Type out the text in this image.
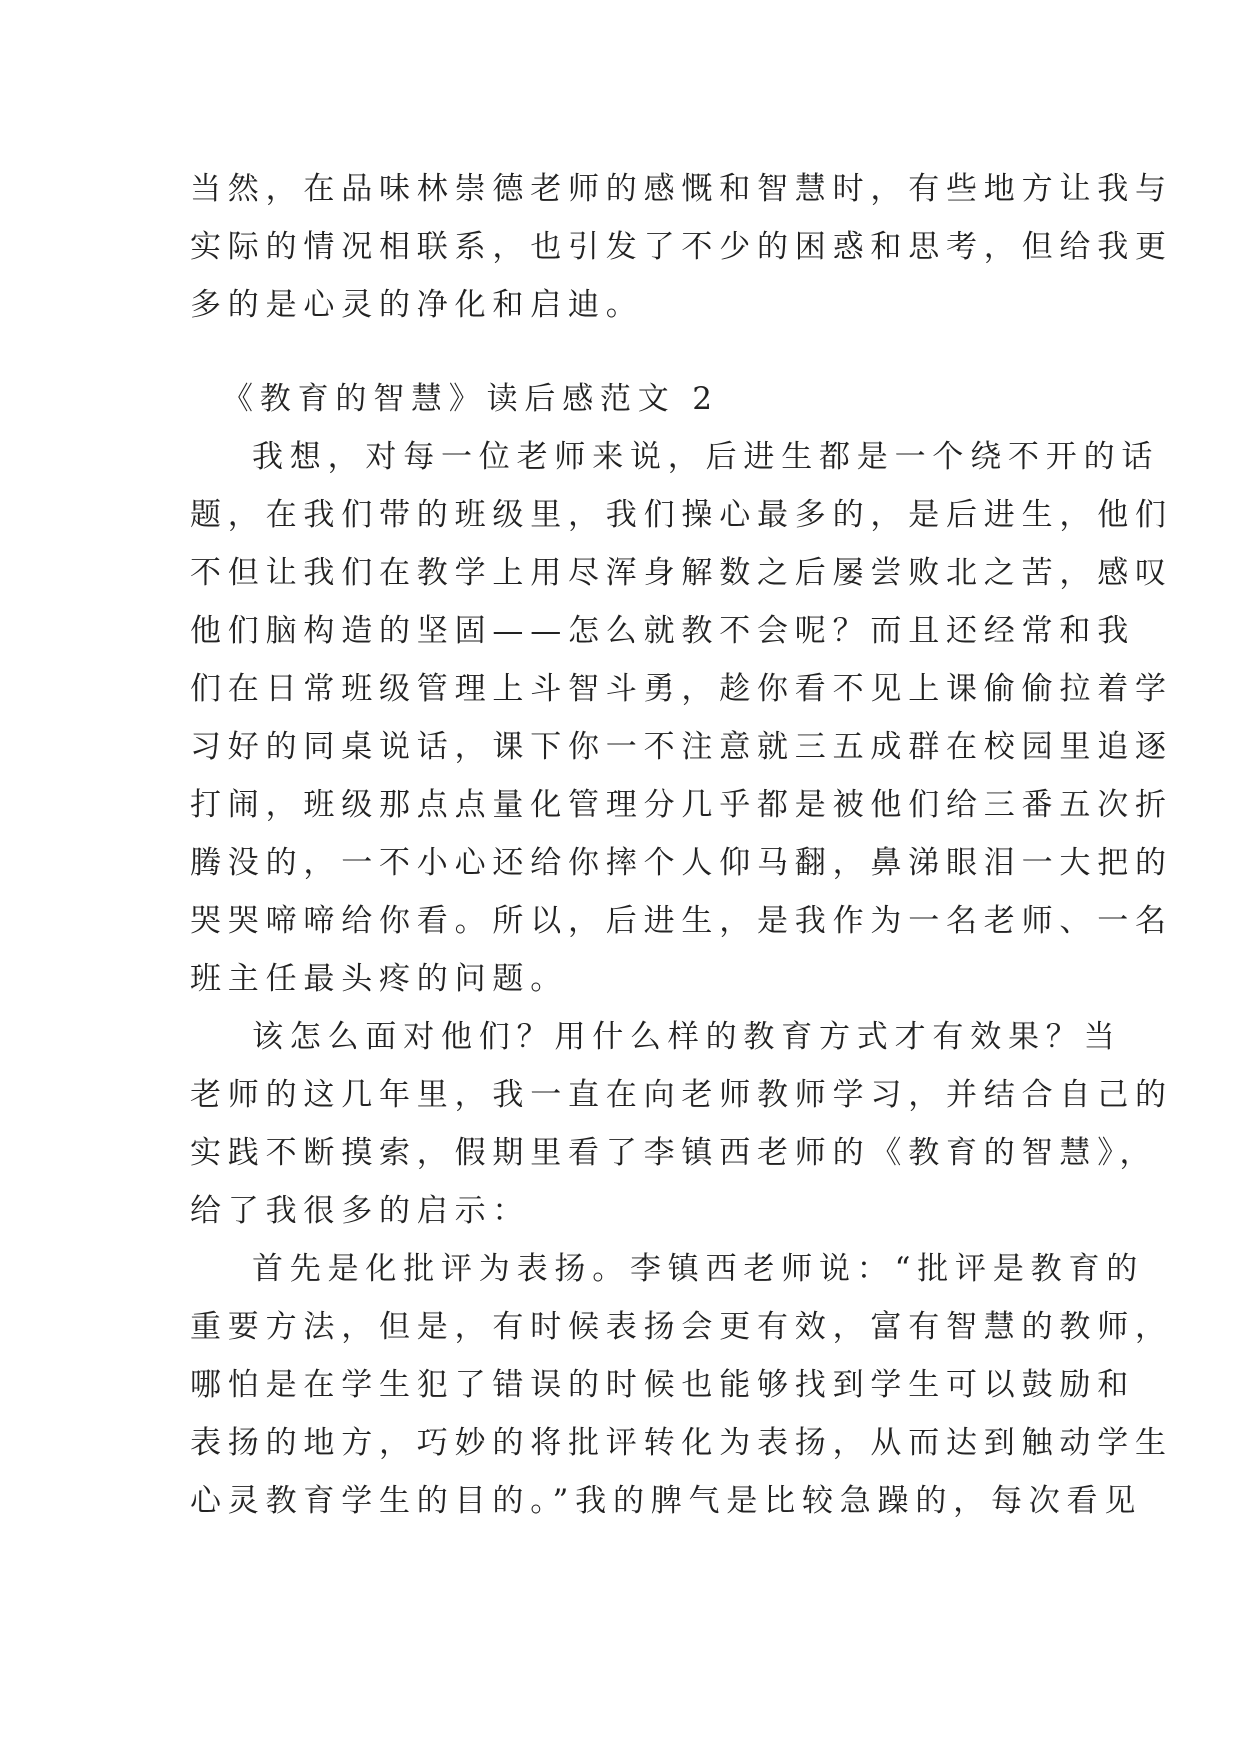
当然，在品味林崇德老师的感慨和智慧时，有些地方让我与
实际的情况相联系，也引发了不少的困惑和思考，但给我更
多的是心灵的净化和启迪。
《教育的智慧》读后感范文 2
我想，对每一位老师来说，后进生都是一个绕不开的话
题，在我们带的班级里，我们操心最多的，是后进生，他们
不但让我们在教学上用尽浑身解数之后屡尝败北之苦，感叹
他们脑构造的坚固——怎么就教不会呢？而且还经常和我
们在日常班级管理上斗智斗勇，趁你看不见上课偷偷拉着学
习好的同桌说话，课下你一不注意就三五成群在校园里追逐
打闹，班级那点点量化管理分几乎都是被他们给三番五次折
腾没的，一不小心还给你摔个人仰马翻，鼻涕眼泪一大把的
哭哭啼啼给你看。所以，后进生，是我作为一名老师、一名
班主任最头疼的问题。
该怎么面对他们？用什么样的教育方式才有效果？当
老师的这几年里，我一直在向老师教师学习，并结合自己的
实践不断摸索，假期里看了李镇西老师的《教育的智慧》，
给了我很多的启示：
首先是化批评为表扬。李镇西老师说：“批评是教育的
重要方法，但是，有时候表扬会更有效，富有智慧的教师，
哪怕是在学生犯了错误的时候也能够找到学生可以鼓励和
表扬的地方，巧妙的将批评转化为表扬，从而达到触动学生
心灵教育学生的目的。”我的脾气是比较急躁的，每次看见
